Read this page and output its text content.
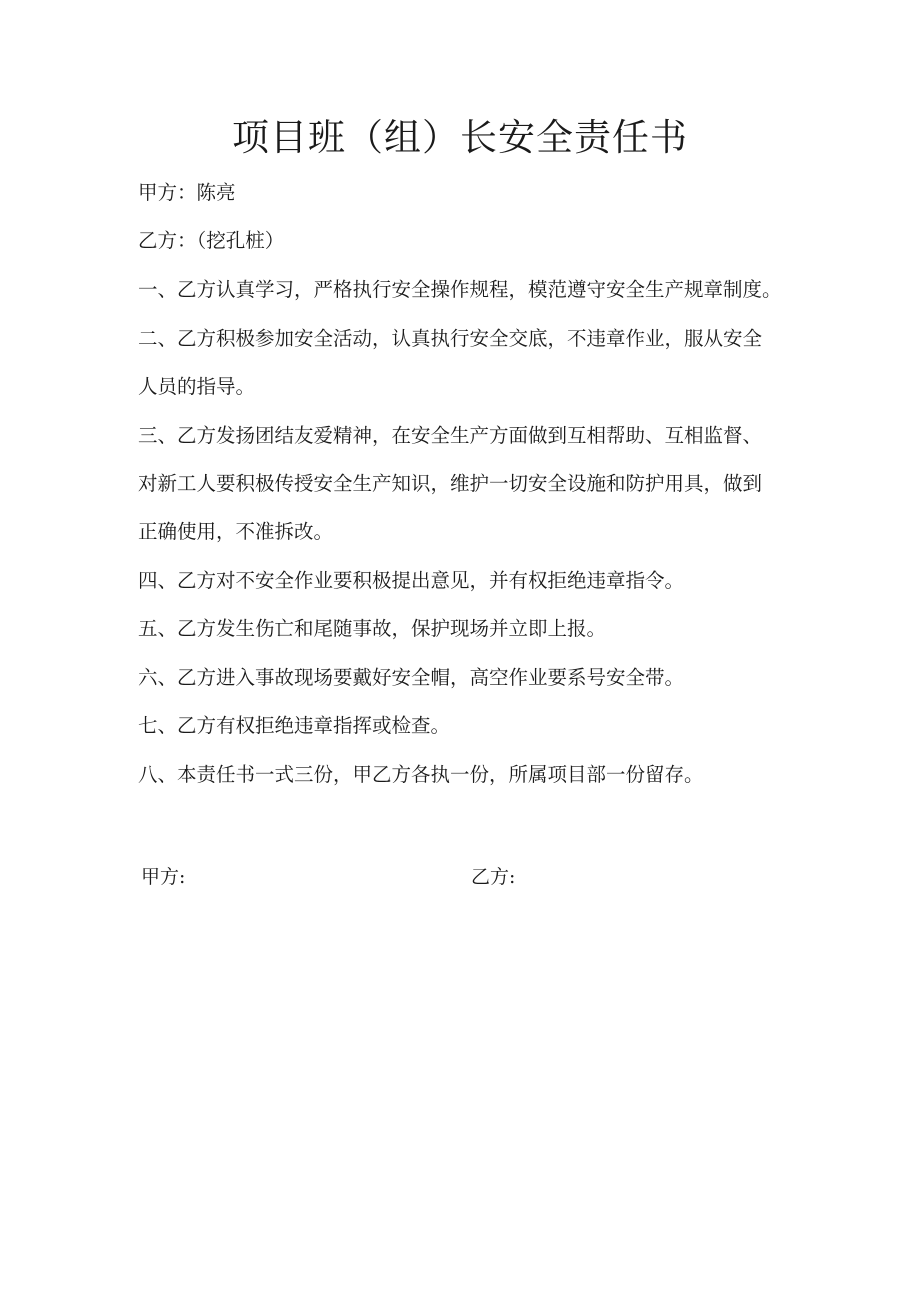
项目班（组）长安全责任书
甲方：陈亮
乙方：（挖孔桩）
一、乙方认真学习，严格执行安全操作规程，模范遵守安全生产规章制度。
二、乙方积极参加安全活动，认真执行安全交底，不违章作业，服从安全
人员的指导。
三、乙方发扬团结友爱精神，在安全生产方面做到互相帮助、互相监督、
对新工人要积极传授安全生产知识，维护一切安全设施和防护用具，做到
正确使用，不准拆改。
四、乙方对不安全作业要积极提出意见，并有权拒绝违章指令。
五、乙方发生伤亡和尾随事故，保护现场并立即上报。
六、乙方进入事故现场要戴好安全帽，高空作业要系号安全带。
七、乙方有权拒绝违章指挥或检查。
八、本责任书一式三份，甲乙方各执一份，所属项目部一份留存。
甲方:	乙方:
